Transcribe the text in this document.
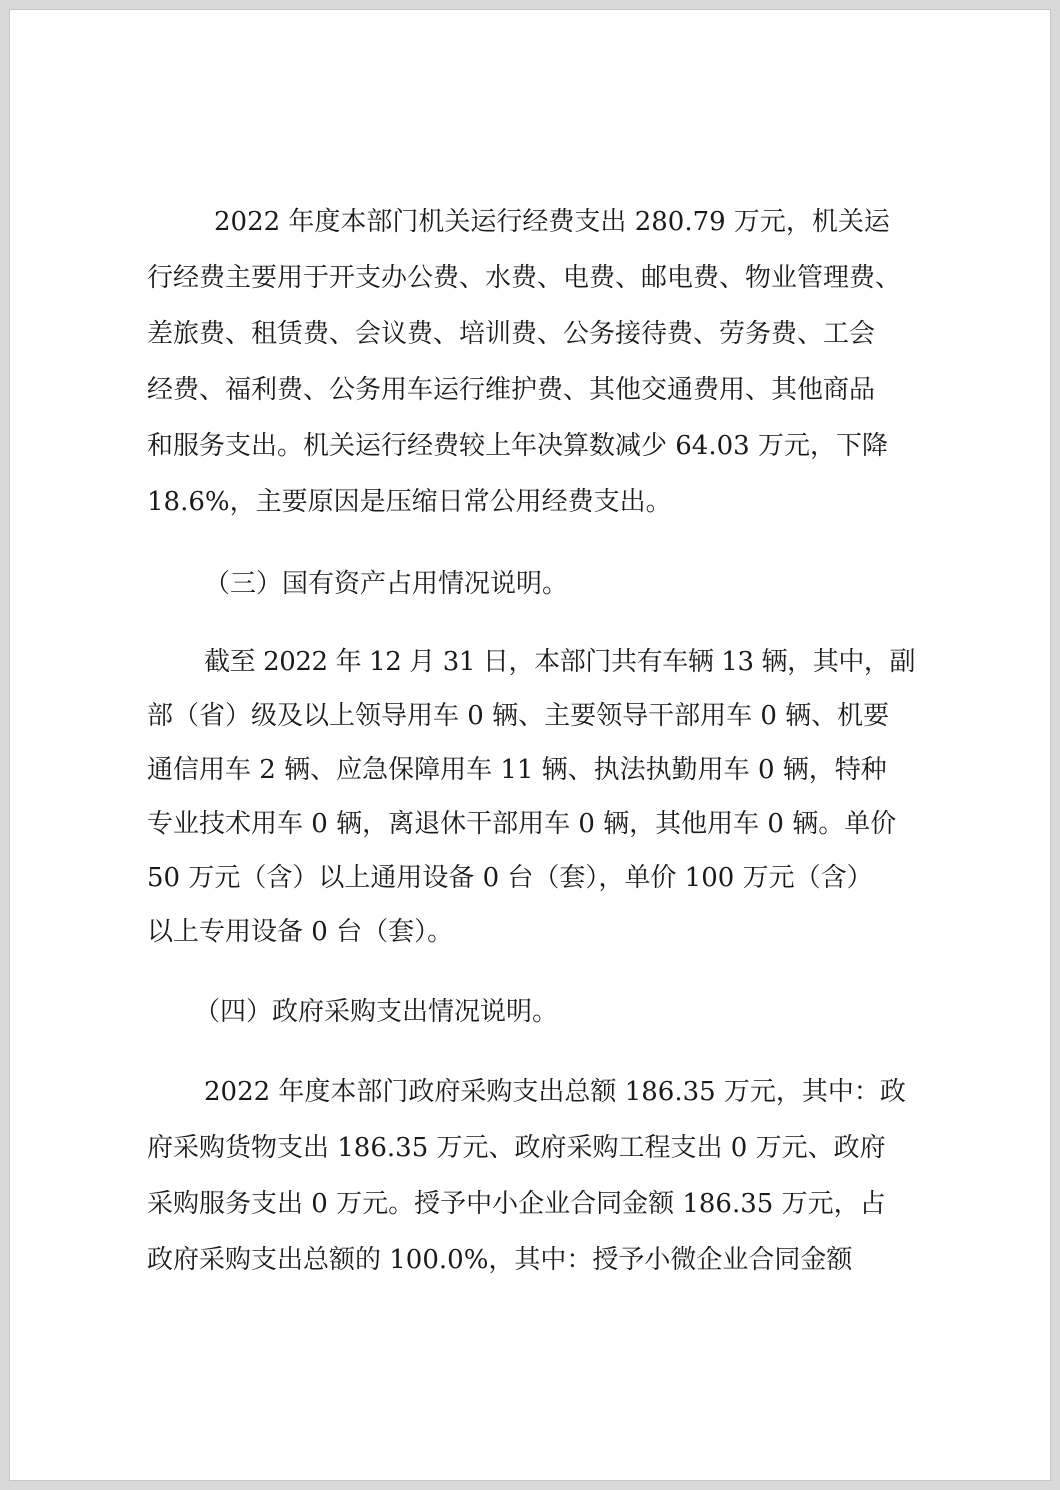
2022 年度本部门机关运行经费支出 280.79 万元，机关运

行经费主要用于开支办公费、水费、电费、邮电费、物业管理费、

差旅费、租赁费、会议费、培训费、公务接待费、劳务费、工会

经费、福利费、公务用车运行维护费、其他交通费用、其他商品

和服务支出。机关运行经费较上年决算数减少 64.03 万元，下降

18.6%，主要原因是压缩日常公用经费支出。

（三）国有资产占用情况说明。

截至 2022 年 12 月 31 日，本部门共有车辆 13 辆，其中，副

部（省）级及以上领导用车 0 辆、主要领导干部用车 0 辆、机要

通信用车 2 辆、应急保障用车 11 辆、执法执勤用车 0 辆，特种

专业技术用车 0 辆，离退休干部用车 0 辆，其他用车 0 辆。单价

50 万元（含）以上通用设备 0 台（套），单价 100 万元（含）

以上专用设备 0 台（套）。

（四）政府采购支出情况说明。

2022 年度本部门政府采购支出总额 186.35 万元，其中：政

府采购货物支出 186.35 万元、政府采购工程支出 0 万元、政府

采购服务支出 0 万元。授予中小企业合同金额 186.35 万元，占

政府采购支出总额的 100.0%，其中：授予小微企业合同金额
